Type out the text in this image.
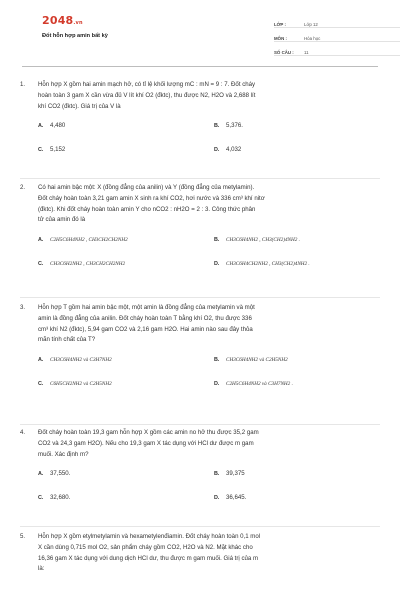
2048.vn
Đốt hỗn hợp amin bất kỳ
LỚP :	Lớp 12
MÔN :	Hóa học
SỐ CÂU :	11
1. Hỗn hợp X gồm hai amin mạch hở, có tỉ lệ khối lượng mC : mN = 9 : 7. Đốt cháy
hoàn toàn 3 gam X cần vừa đủ V lít khí O2 (đktc), thu được N2, H2O và 2,688 lít
khí CO2 (đktc). Giá trị của V là
A.	4,480	B.	5,376.
C.	5,152	D.	4,032
2. Có hai amin bậc một: X (đồng đẳng của anilin) và Y (đồng đẳng của metylamin).
Đốt cháy hoàn toàn 3,21 gam amin X sinh ra khí CO2, hơi nước và 336 cm³ khí nitơ
(đktc). Khi đốt cháy hoàn toàn amin Y cho nCO2 : nH2O = 2 : 3. Công thức phân
tử của amin đó là
A.	C2H5C6H4NH2 , CH3CH2CH2NH2	B.	CH3C6H4NH2 , CH3(CH2)4NH2 .
C.	CH3C6H2NH2 , CH3CH2CH2NH2	D.	CH3C6H4CH2NH2 , CH3(CH2)4NH2 .
3. Hỗn hợp T gồm hai amin bậc một, một amin là đồng đẳng của metylamin và một
amin là đồng đẳng của anilin. Đốt cháy hoàn toàn T bằng khí O2, thu được 336
cm³ khí N2 (đktc), 5,94 gam CO2 và 2,16 gam H2O. Hai amin nào sau đây thỏa
mãn tính chất của T?
A.	CH3C6H4NH2 và C3H7NH2	B.	CH3C6H4NH2 và C2H5NH2
C.	C6H5CH2NH2 và C2H5NH2	D.	C2H5C6H4NH2 và C3H7NH2 .
4. Đốt cháy hoàn toàn 19,3 gam hỗn hợp X gồm các amin no hở thu được 35,2 gam
CO2 và 24,3 gam H2O). Nếu cho 19,3 gam X tác dụng với HCl dư được m gam
muối. Xác định m?
A.	37,550.	B.	39,375
C.	32,680.	D.	36,645.
5. Hỗn hợp X gồm etylmetylamin và hexametylenđiamin. Đốt cháy hoàn toàn 0,1 mol
X cần dùng 0,715 mol O2, sản phẩm cháy gồm CO2, H2O và N2. Mặt khác cho
16,36 gam X tác dụng với dung dịch HCl dư, thu được m gam muối. Giá trị của m
là:
